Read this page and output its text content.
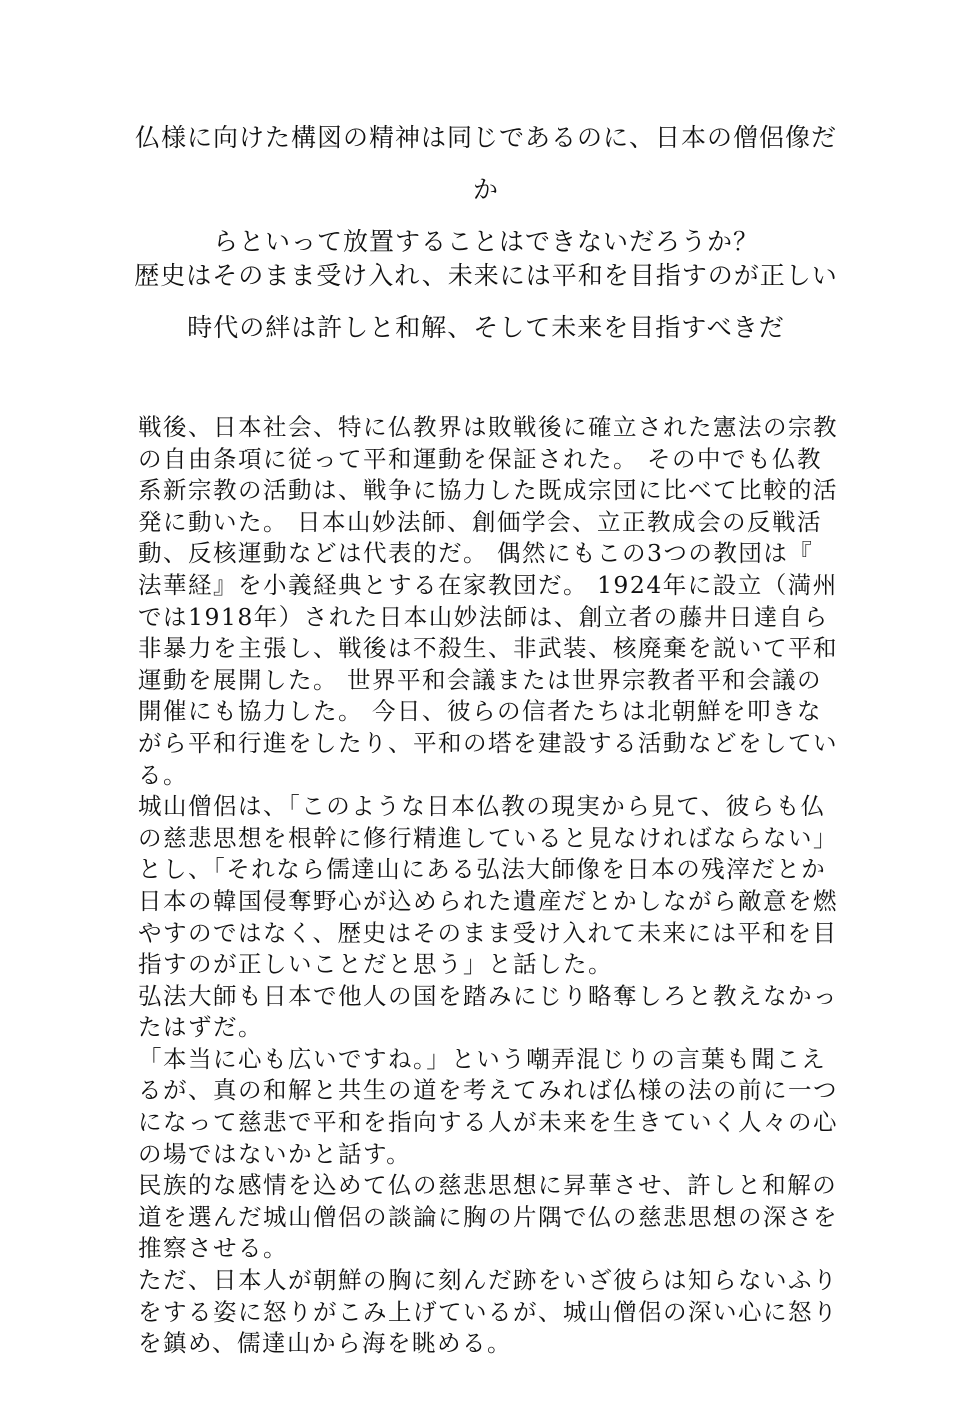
仏様に向けた構図の精神は同じであるのに、日本の僧侶像だか

らといって放置することはできないだろうか？

歴史はそのまま受け入れ、未来には平和を目指すのが正しい

時代の絆は許しと和解、そして未来を目指すべきだ

戦後、日本社会、特に仏教界は敗戦後に確立された憲法の宗教の自由条項に従って平和運動を保証された。 その中でも仏教系新宗教の活動は、戦争に協力した既成宗団に比べて比較的活発に動いた。 日本山妙法師、創価学会、立正教成会の反戦活動、反核運動などは代表的だ。 偶然にもこの3つの教団は『法華経』を小義経典とする在家教団だ。 1924年に設立（満州では1918年）された日本山妙法師は、創立者の藤井日達自ら非暴力を主張し、戦後は不殺生、非武装、核廃棄を説いて平和運動を展開した。 世界平和会議または世界宗教者平和会議の開催にも協力した。 今日、彼らの信者たちは北朝鮮を叩きながら平和行進をしたり、平和の塔を建設する活動などをしている。

城山僧侶は、「このような日本仏教の現実から見て、彼らも仏の慈悲思想を根幹に修行精進していると見なければならない」とし、「それなら儒達山にある弘法大師像を日本の残滓だとか日本の韓国侵奪野心が込められた遺産だとかしながら敵意を燃やすのではなく、歴史はそのまま受け入れて未来には平和を目指すのが正しいことだと思う」と話した。

弘法大師も日本で他人の国を踏みにじり略奪しろと教えなかったはずだ。

「本当に心も広いですね。」という嘲弄混じりの言葉も聞こえるが、真の和解と共生の道を考えてみれば仏様の法の前に一つになって慈悲で平和を指向する人が未来を生きていく人々の心の場ではないかと話す。

民族的な感情を込めて仏の慈悲思想に昇華させ、許しと和解の道を選んだ城山僧侶の談論に胸の片隅で仏の慈悲思想の深さを推察させる。

ただ、日本人が朝鮮の胸に刻んだ跡をいざ彼らは知らないふりをする姿に怒りがこみ上げているが、城山僧侶の深い心に怒りを鎮め、儒達山から海を眺める。
